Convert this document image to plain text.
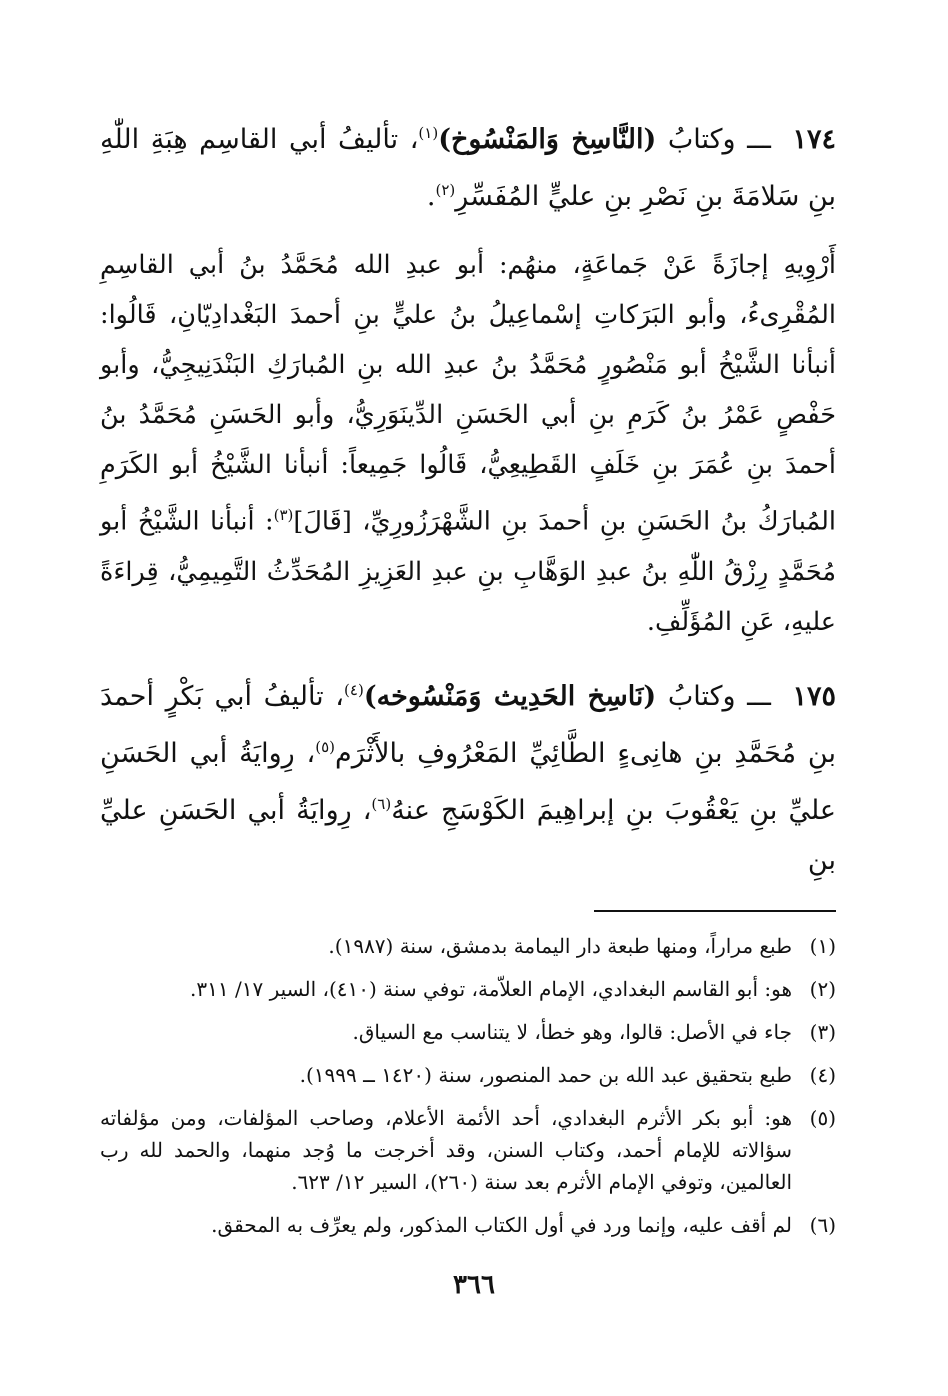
١٧٤ ـــ وكتابُ (النَّاسِخ وَالمَنْسُوخ)$^{(١)}$، تأليفُ أبي القاسِم هِبَةِ اللّٰهِ بنِ سَلامَةَ بنِ نَصْرِ بنِ عليٍّ المُفَسِّرِ$^{(٢)}$.

أَرْوِيهِ إجازَةً عَنْ جَماعَةٍ، منهُم: أبو عبدِ الله مُحَمَّدُ بنُ أبي القاسِمِ المُقْرِىءُ، وأبو البَرَكاتِ إسْماعِيلُ بنُ عليٍّ بنِ أحمدَ البَغْدادِيّانِ، قَالُوا: أنبأنا الشَّيْخُ أبو مَنْصُورٍ مُحَمَّدُ بنُ عبدِ الله بنِ المُبارَكِ البَنْدَنِيجِيُّ، وأبو حَفْصٍ عَمْرُ بنُ كَرَمِ بنِ أبي الحَسَنِ الدِّينَوَرِيُّ، وأبو الحَسَنِ مُحَمَّدُ بنُ أحمدَ بنِ عُمَرَ بنِ خَلَفٍ القَطِيعِيُّ، قَالُوا جَمِيعاً: أنبأنا الشَّيْخُ أبو الكَرَمِ المُبارَكُ بنُ الحَسَنِ بنِ أحمدَ بنِ الشَّهْرَزُورِيِّ، [قَالَ]$^{(٣)}$: أنبأنا الشَّيْخُ أبو مُحَمَّدٍ رِزْقُ اللّٰهِ بنُ عبدِ الوَهَّابِ بنِ عبدِ العَزِيزِ المُحَدِّثُ التَّمِيمِيُّ، قِراءَةً عليهِ، عَنِ المُؤَلِّفِ.

١٧٥ ـــ وكتابُ (نَاسِخ الحَدِيث وَمَنْسُوخه)$^{(٤)}$، تأليفُ أبي بَكْرٍ أحمدَ بنِ مُحَمَّدِ بنِ هانِىءٍ الطَّائِيِّ المَعْرُوفِ بالأَثْرَم$^{(٥)}$، رِوايَةُ أبي الحَسَنِ عليِّ بنِ يَعْقُوبَ بنِ إبراهِيمَ الكَوْسَجِ عنهُ$^{(٦)}$، رِوايَةُ أبي الحَسَنِ عليِّ بنِ

(١)
طبع مراراً، ومنها طبعة دار اليمامة بدمشق، سنة (١٩٨٧).
(٢)
هو: أبو القاسم البغدادي، الإمام العلاّمة، توفي سنة (٤١٠)، السير ١٧/ ٣١١.
(٣)
جاء في الأصل: قالوا، وهو خطأ، لا يتناسب مع السياق.
(٤)
طبع بتحقيق عبد الله بن حمد المنصور، سنة (١٤٢٠ ــ ١٩٩٩).
(٥)
هو: أبو بكر الأثرم البغدادي، أحد الأئمة الأعلام، وصاحب المؤلفات، ومن مؤلفاته سؤالاته للإمام أحمد، وكتاب السنن، وقد أخرجت ما وُجد منهما، والحمد لله رب العالمين، وتوفي الإمام الأثرم بعد سنة (٢٦٠)، السير ١٢/ ٦٢٣.
(٦)
لم أقف عليه، وإنما ورد في أول الكتاب المذكور، ولم يعرِّف به المحقق.
٣٦٦
